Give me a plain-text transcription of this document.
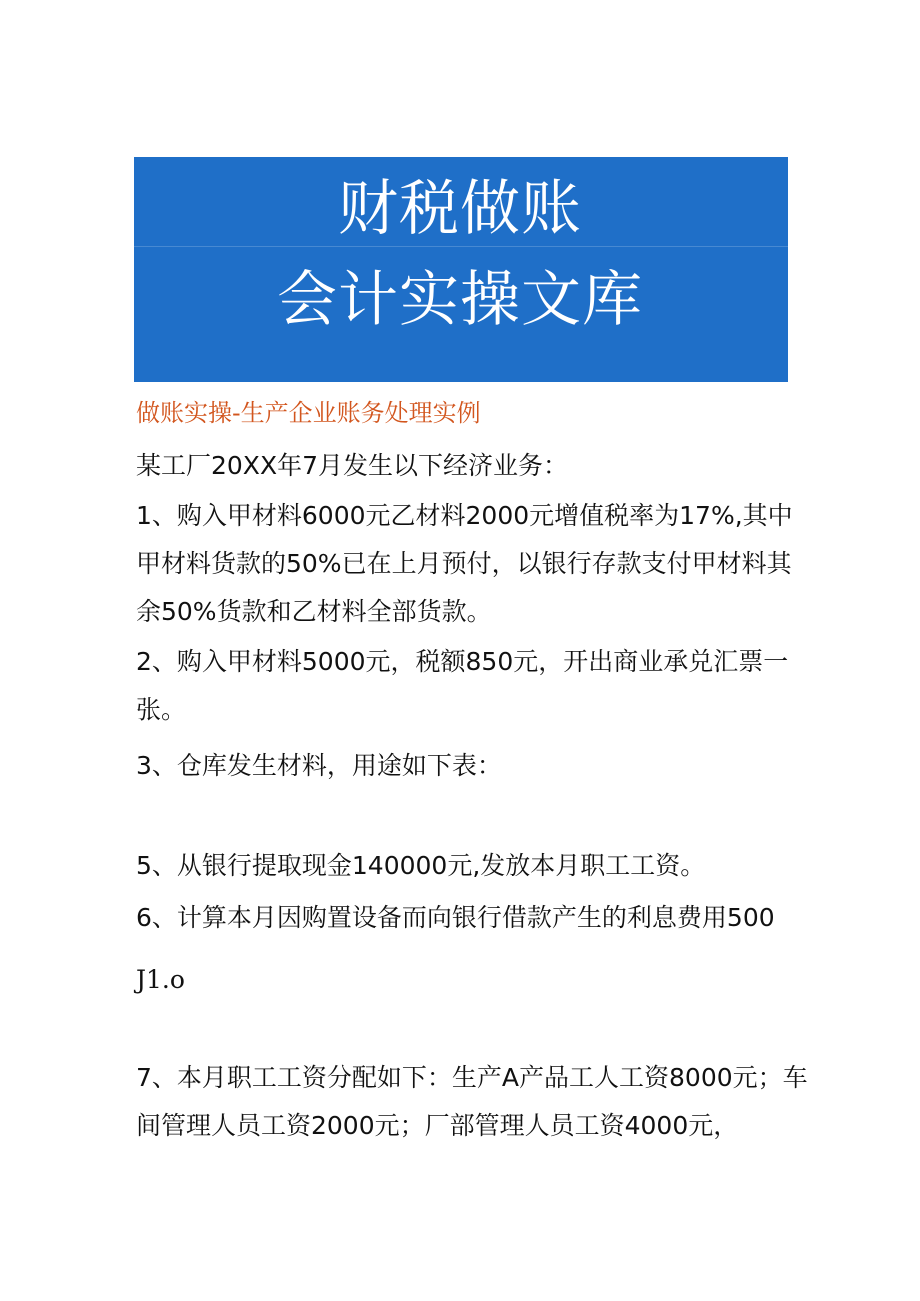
财税做账
会计实操文库
做账实操-生产企业账务处理实例
某工厂20XX年7月发生以下经济业务：
1、购入甲材料6000元乙材料2000元增值税率为17%,其中
甲材料货款的50%已在上月预付，以银行存款支付甲材料其
余50%货款和乙材料全部货款。
2、购入甲材料5000元，税额850元，开出商业承兑汇票一
张。
3、仓库发生材料，用途如下表：
5、从银行提取现金140000元,发放本月职工工资。
6、计算本月因购置设备而向银行借款产生的利息费用500
J1.o
7、本月职工工资分配如下：生产A产品工人工资8000元；车
间管理人员工资2000元；厂部管理人员工资4000元，
